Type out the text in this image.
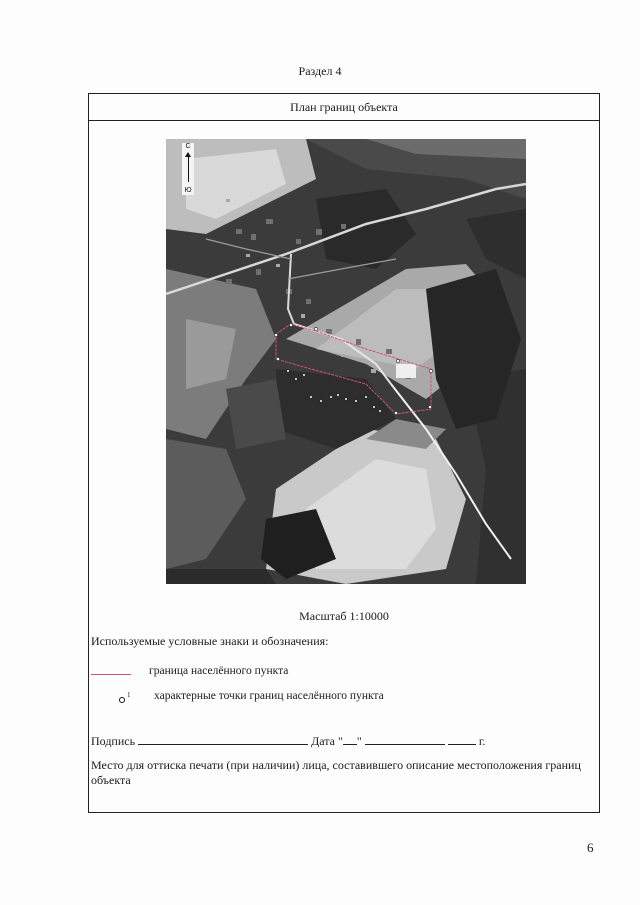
Раздел 4
План границ объекта
С
Ю
Масштаб 1:10000
Используемые условные знаки и обозначения:
граница населённого пункта
1 характерные точки границ населённого пункта
Подпись	Дата " "	г.
Место для оттиска печати (при наличии) лица, составившего описание местоположения границ объекта
6
